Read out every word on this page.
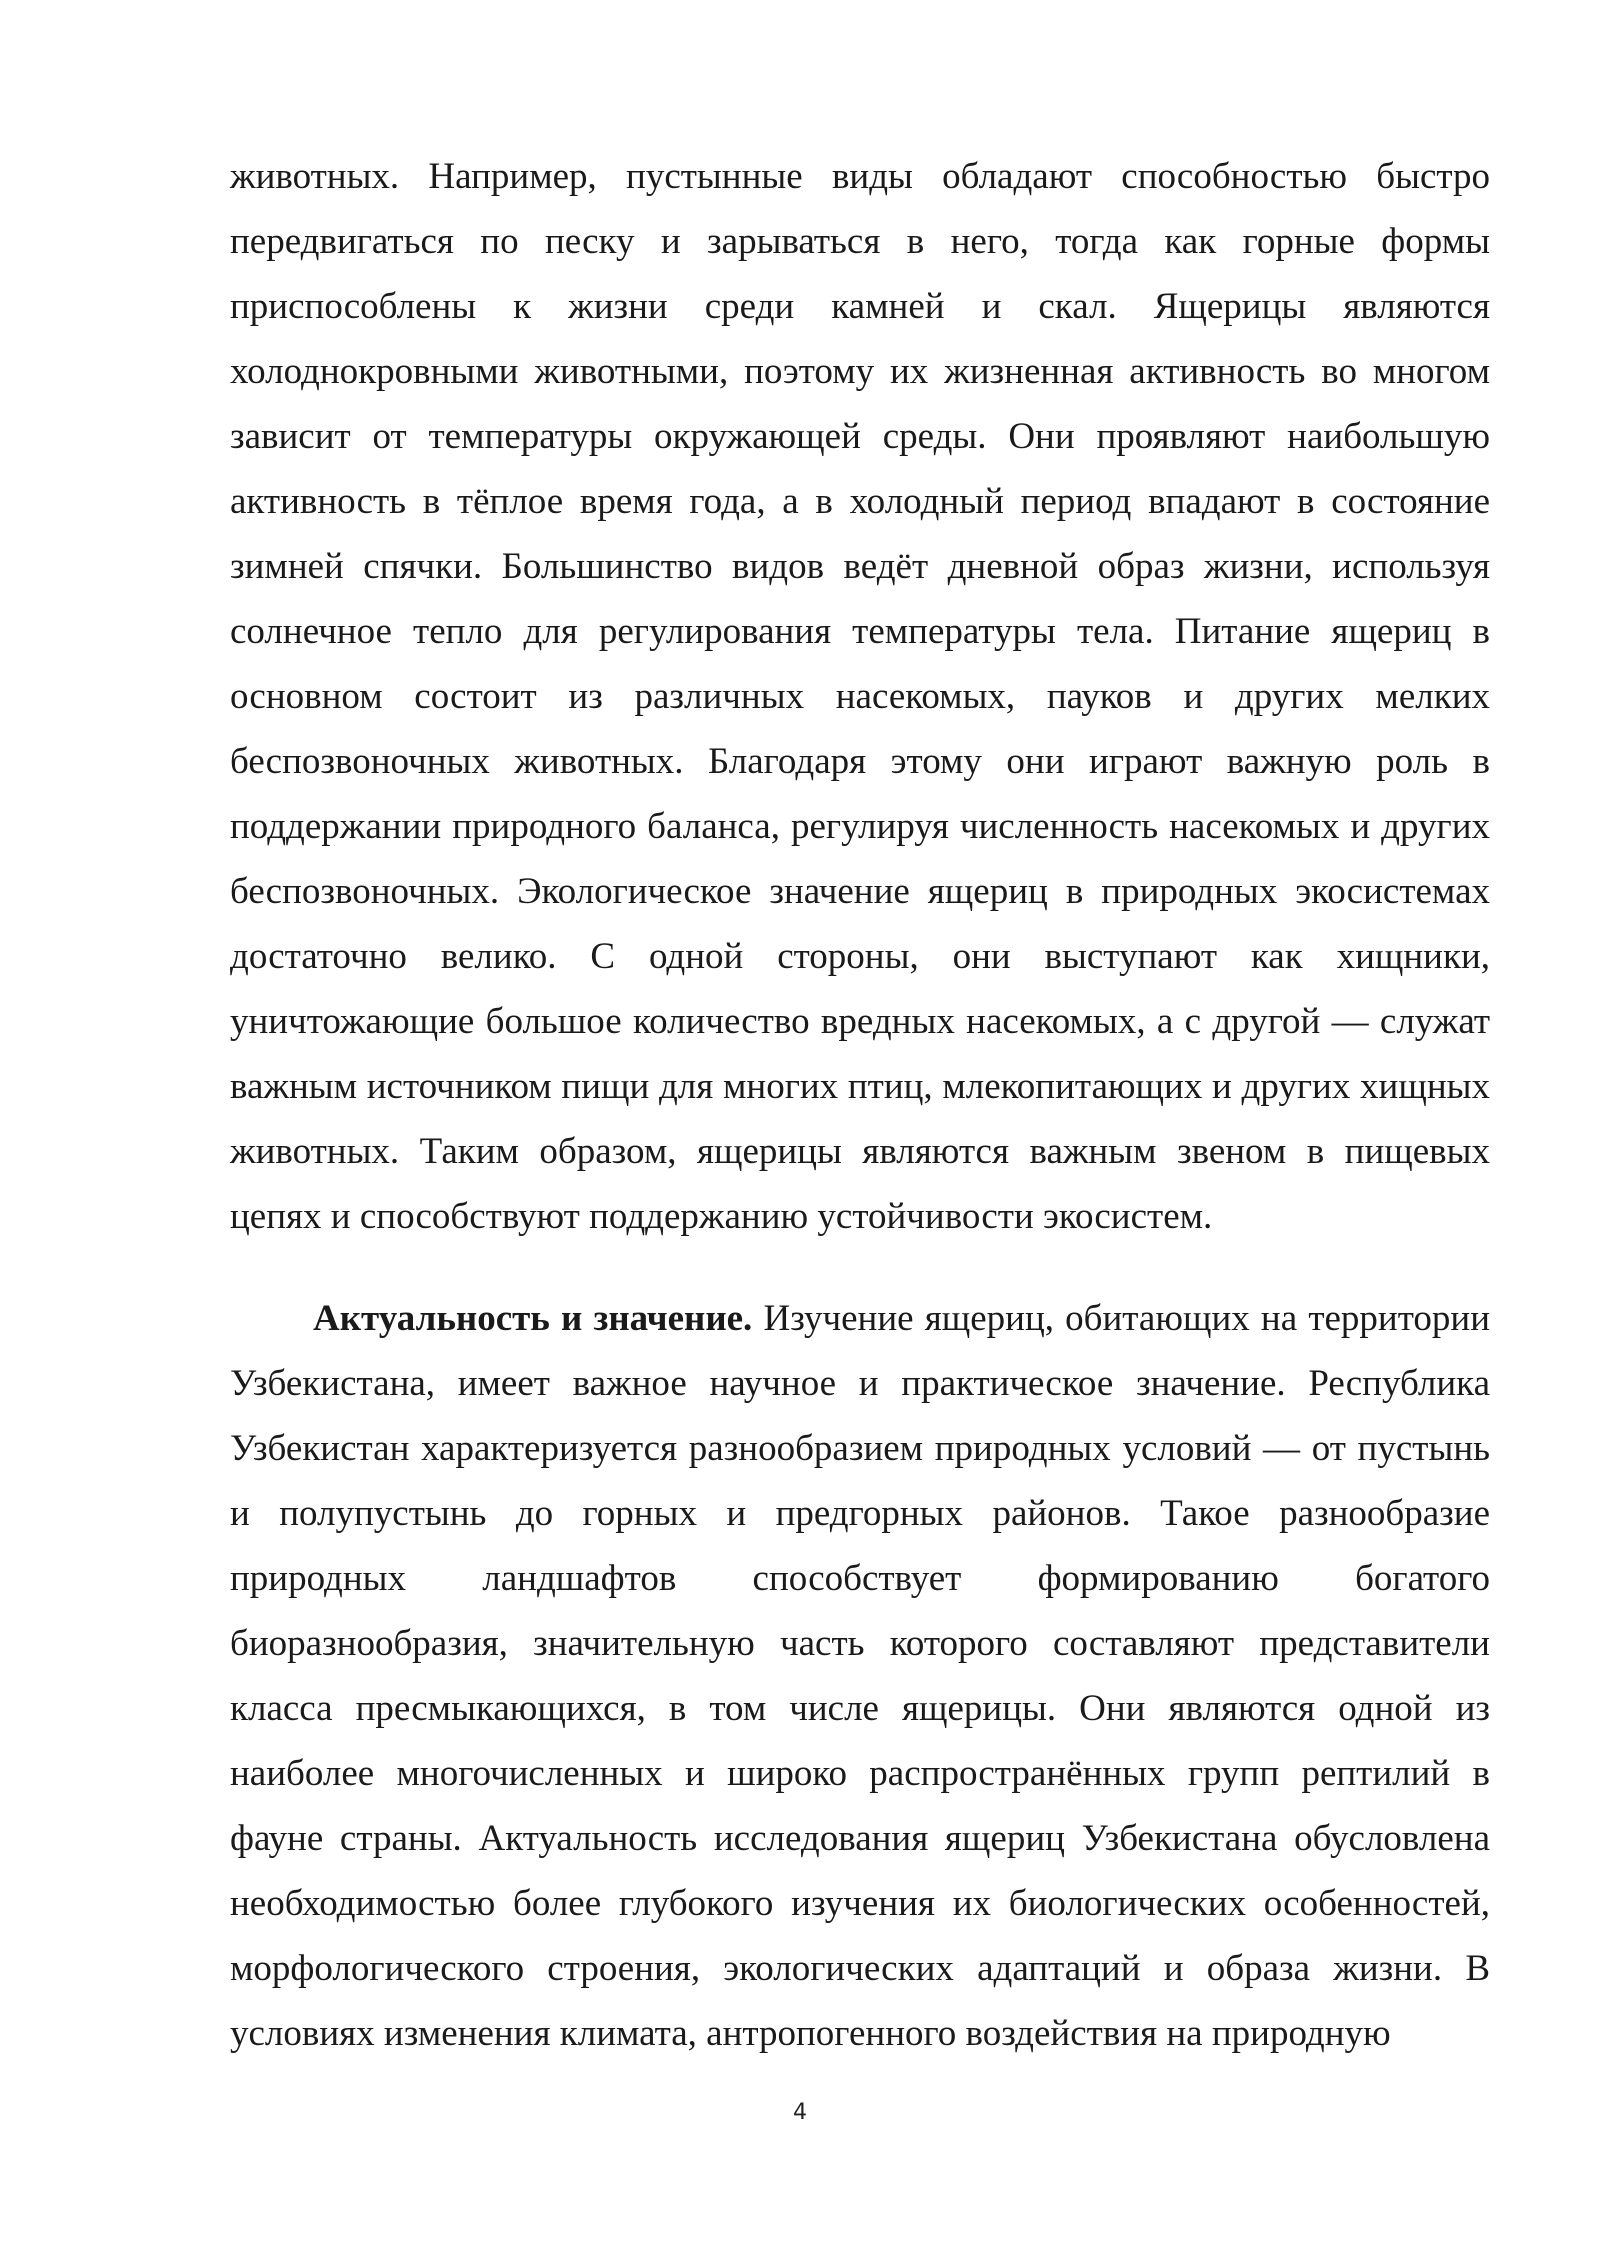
животных. Например, пустынные виды обладают способностью быстро передвигаться по песку и зарываться в него, тогда как горные формы приспособлены к жизни среди камней и скал. Ящерицы являются холоднокровными животными, поэтому их жизненная активность во многом зависит от температуры окружающей среды. Они проявляют наибольшую активность в тёплое время года, а в холодный период впадают в состояние зимней спячки. Большинство видов ведёт дневной образ жизни, используя солнечное тепло для регулирования температуры тела. Питание ящериц в основном состоит из различных насекомых, пауков и других мелких беспозвоночных животных. Благодаря этому они играют важную роль в поддержании природного баланса, регулируя численность насекомых и других беспозвоночных. Экологическое значение ящериц в природных экосистемах достаточно велико. С одной стороны, они выступают как хищники, уничтожающие большое количество вредных насекомых, а с другой — служат важным источником пищи для многих птиц, млекопитающих и других хищных животных. Таким образом, ящерицы являются важным звеном в пищевых цепях и способствуют поддержанию устойчивости экосистем.

Актуальность и значение. Изучение ящериц, обитающих на территории Узбекистана, имеет важное научное и практическое значение. Республика Узбекистан характеризуется разнообразием природных условий — от пустынь и полупустынь до горных и предгорных районов. Такое разнообразие природных ландшафтов способствует формированию богатого биоразнообразия, значительную часть которого составляют представители класса пресмыкающихся, в том числе ящерицы. Они являются одной из наиболее многочисленных и широко распространённых групп рептилий в фауне страны. Актуальность исследования ящериц Узбекистана обусловлена необходимостью более глубокого изучения их биологических особенностей, морфологического строения, экологических адаптаций и образа жизни. В условиях изменения климата, антропогенного воздействия на природную

4
